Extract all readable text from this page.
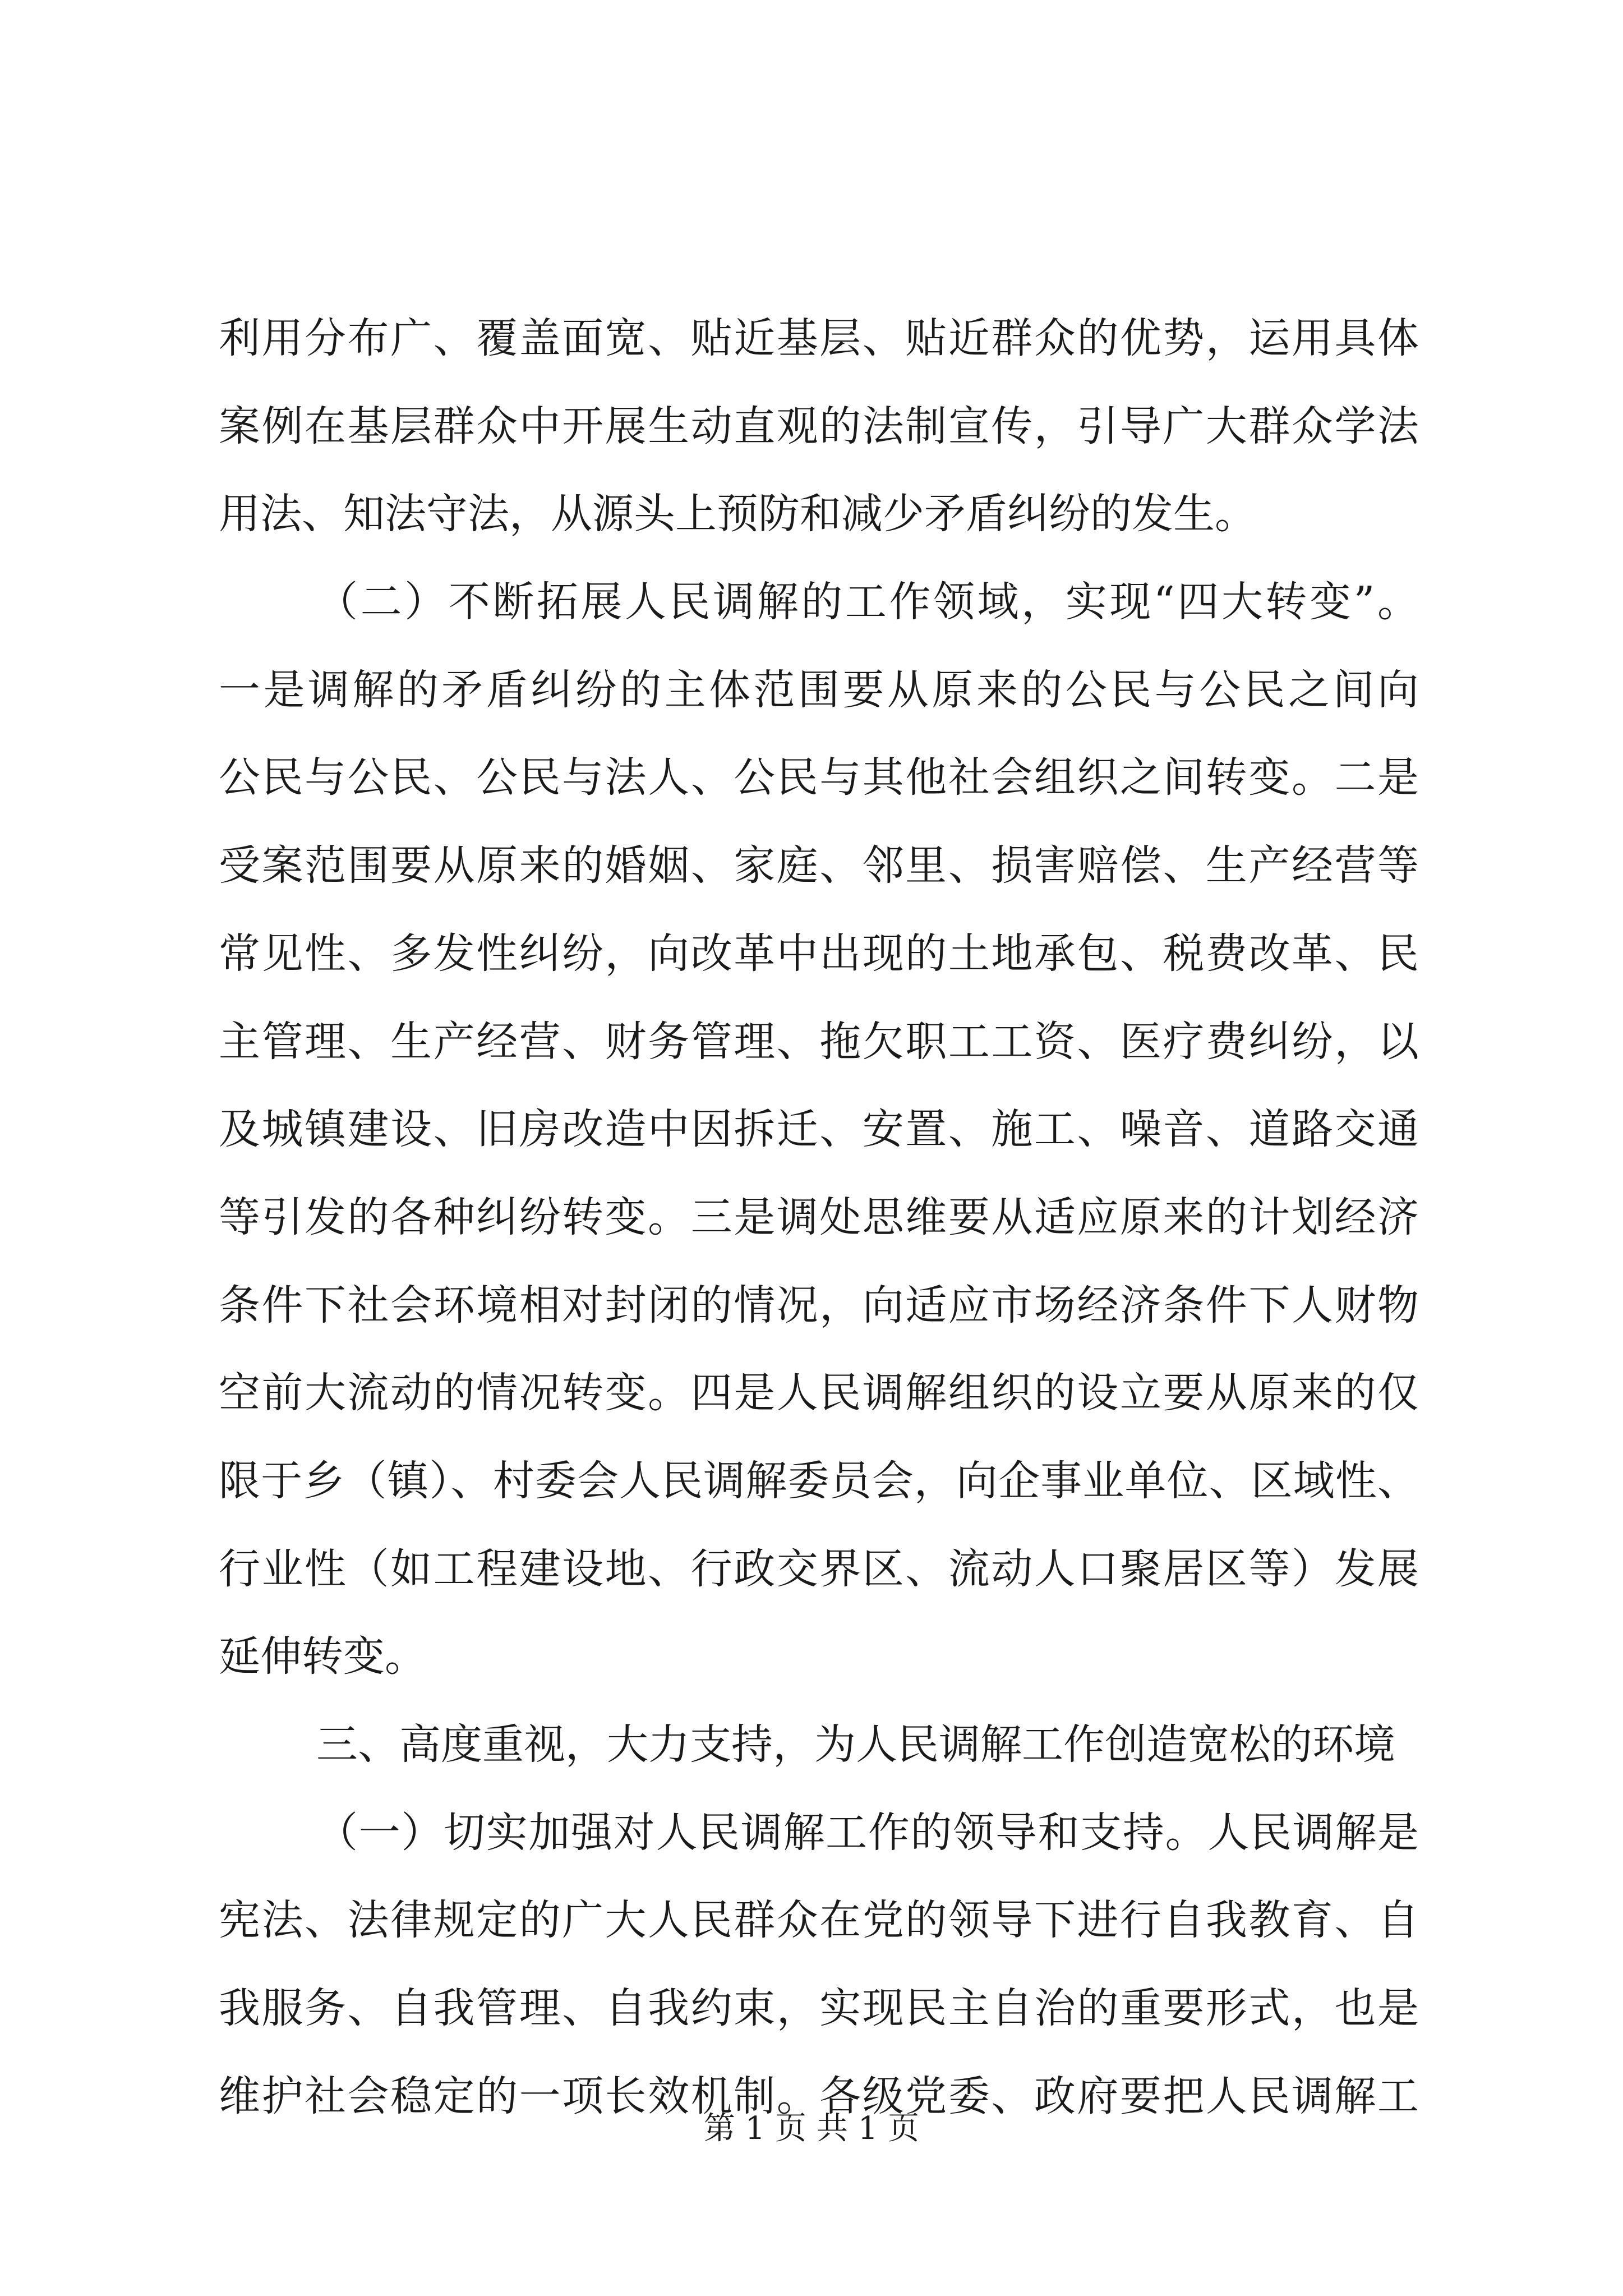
利用分布广、覆盖面宽、贴近基层、贴近群众的优势，运用具体
案例在基层群众中开展生动直观的法制宣传，引导广大群众学法
用法、知法守法，从源头上预防和减少矛盾纠纷的发生。
（二）不断拓展人民调解的工作领域，实现“四大转变”。
一是调解的矛盾纠纷的主体范围要从原来的公民与公民之间向
公民与公民、公民与法人、公民与其他社会组织之间转变。二是
受案范围要从原来的婚姻、家庭、邻里、损害赔偿、生产经营等
常见性、多发性纠纷，向改革中出现的土地承包、税费改革、民
主管理、生产经营、财务管理、拖欠职工工资、医疗费纠纷，以
及城镇建设、旧房改造中因拆迁、安置、施工、噪音、道路交通
等引发的各种纠纷转变。三是调处思维要从适应原来的计划经济
条件下社会环境相对封闭的情况，向适应市场经济条件下人财物
空前大流动的情况转变。四是人民调解组织的设立要从原来的仅
限于乡（镇）、村委会人民调解委员会，向企事业单位、区域性、
行业性（如工程建设地、行政交界区、流动人口聚居区等）发展
延伸转变。
三、高度重视，大力支持，为人民调解工作创造宽松的环境
（一）切实加强对人民调解工作的领导和支持。人民调解是
宪法、法律规定的广大人民群众在党的领导下进行自我教育、自
我服务、自我管理、自我约束，实现民主自治的重要形式，也是
维护社会稳定的一项长效机制。各级党委、政府要把人民调解工
第 1 页 共 1 页
